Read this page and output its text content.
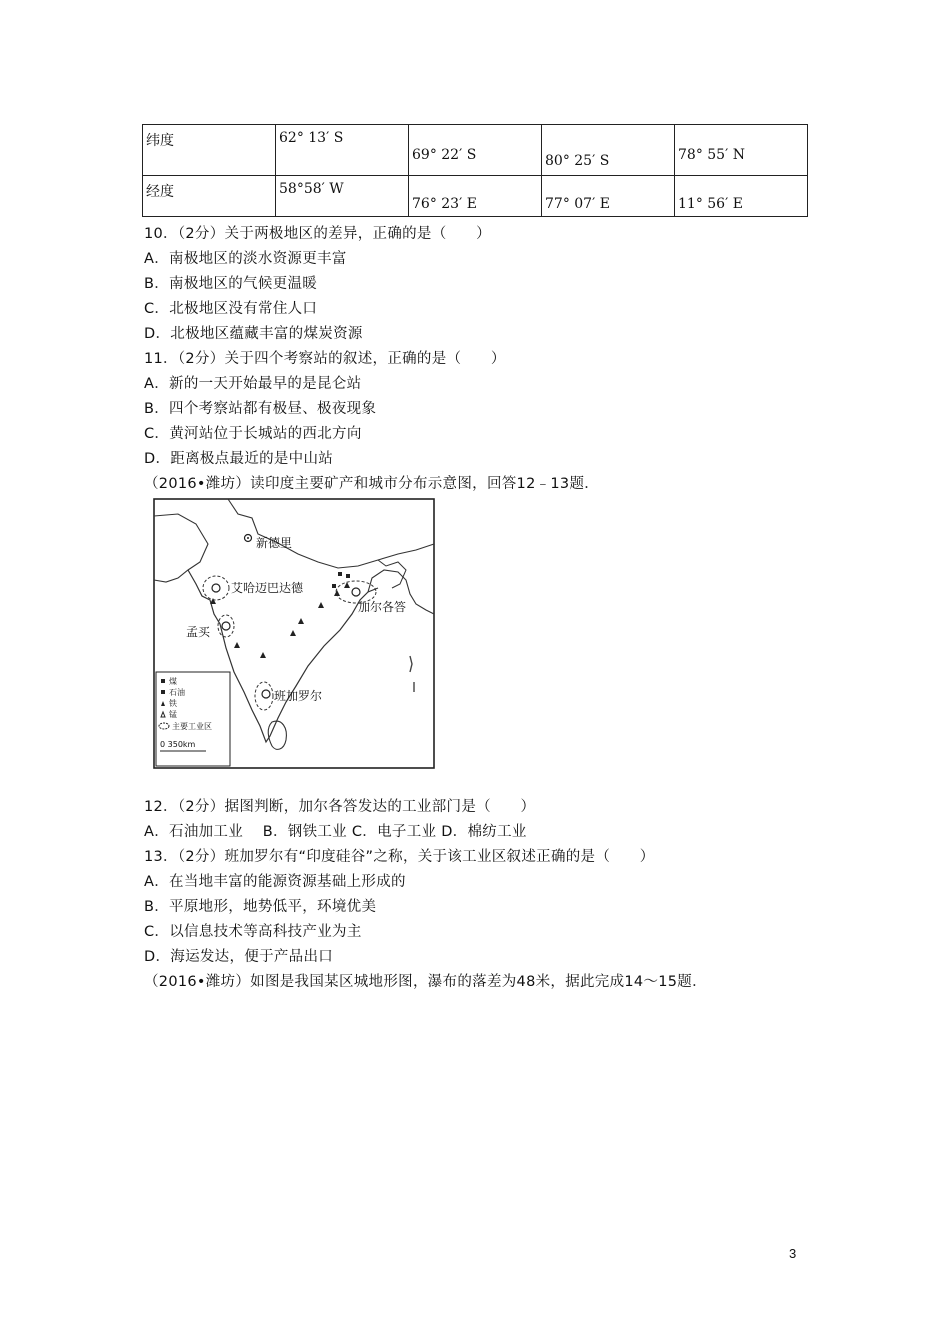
纬度	62° 13′ S	69° 22′ S	80° 25′ S	78° 55′ N

经度	58°58′ W	76° 23′ E	77° 07′ E	11° 56′ E
10．（2分）关于两极地区的差异，正确的是（　　）
A．南极地区的淡水资源更丰富
B．南极地区的气候更温暖
C．北极地区没有常住人口
D．北极地区蕴藏丰富的煤炭资源
11．（2分）关于四个考察站的叙述，正确的是（　　）
A．新的一天开始最早的是昆仑站
B．四个考察站都有极昼、极夜现象
C．黄河站位于长城站的西北方向
D．距离极点最近的是中山站
（2016•潍坊）读印度主要矿产和城市分布示意图，回答12﹣13题．
新德里
艾哈迈巴达德
加尔各答
孟买
班加罗尔
煤
石油
铁
锰
主要工业区
0 350km
12．（2分）据图判断，加尔各答发达的工业部门是（　　）
A．石油加工业　 B．钢铁工业 C．电子工业 D．棉纺工业
13．（2分）班加罗尔有“印度硅谷”之称，关于该工业区叙述正确的是（　　）
A．在当地丰富的能源资源基础上形成的
B．平原地形，地势低平，环境优美
C．以信息技术等高科技产业为主
D．海运发达，便于产品出口
（2016•潍坊）如图是我国某区城地形图，瀑布的落差为48米，据此完成14～15题．
3
